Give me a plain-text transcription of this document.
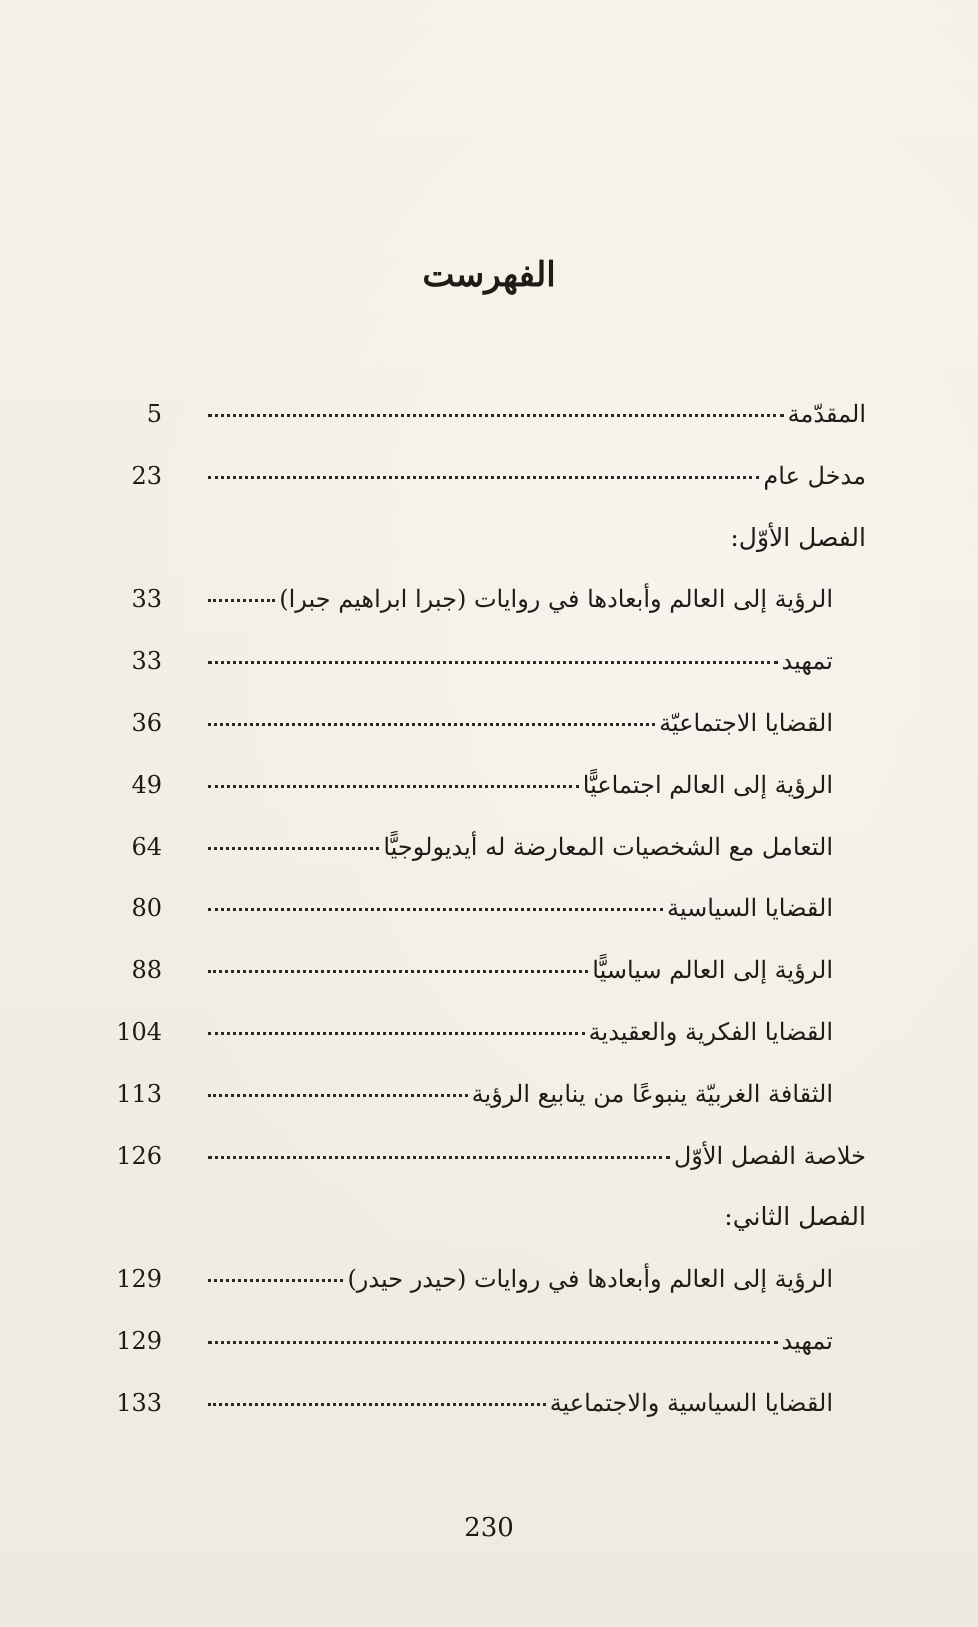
الفهرست
المقدّمة
5
مدخل عام
23
الفصل الأوّل:
الرؤية إلى العالم وأبعادها في روايات (جبرا ابراهيم جبرا)
33
تمهيد
33
القضايا الاجتماعيّة
36
الرؤية إلى العالم اجتماعيًّا
49
التعامل مع الشخصيات المعارضة له أيديولوجيًّا
64
القضايا السياسية
80
الرؤية إلى العالم سياسيًّا
88
القضايا الفكرية والعقيدية
104
الثقافة الغربيّة ينبوعًا من ينابيع الرؤية
113
خلاصة الفصل الأوّل
126
الفصل الثاني:
الرؤية إلى العالم وأبعادها في روايات (حيدر حيدر)
129
تمهيد
129
القضايا السياسية والاجتماعية
133
230
